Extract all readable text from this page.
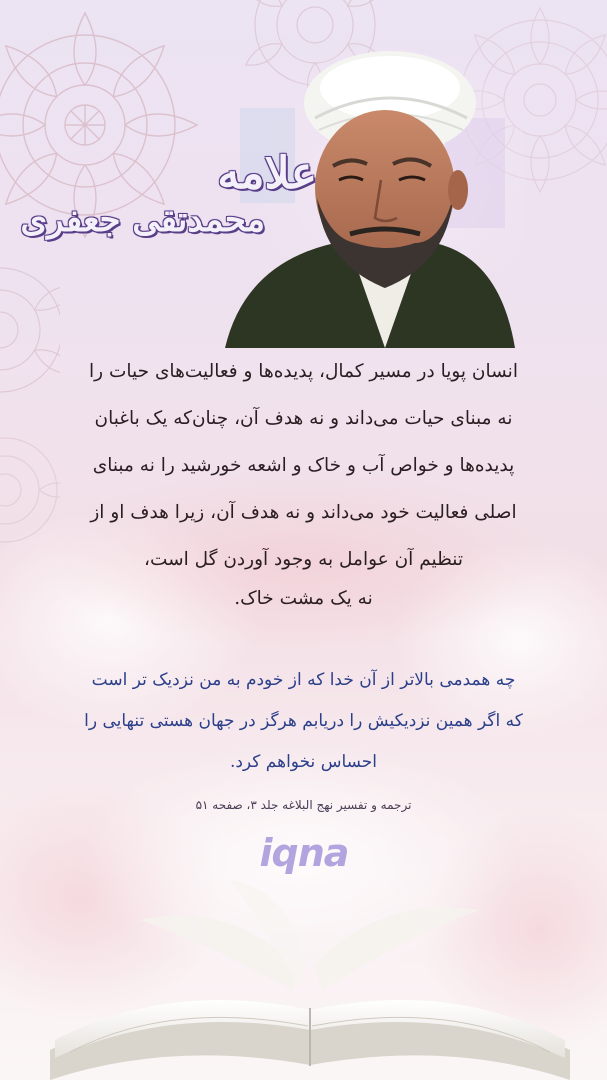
علامه
محمدتقی جعفری
انسان پویا در مسیر کمال، پدیده‌ها و فعالیت‌های حیات را
نه مبنای حیات می‌داند و نه هدف آن، چنان‌که یک باغبان
پدیده‌ها و خواص آب و خاک و اشعه خورشید را نه مبنای
اصلی فعالیت خود می‌داند و نه هدف آن، زیرا هدف او از
تنظیم آن عوامل به وجود آوردن گل است،
نه یک مشت خاک.
چه همدمی بالاتر از آن خدا که از خودم به من نزدیک تر است
که اگر همین نزدیکیش را دریابم هرگز در جهان هستی تنهایی را
احساس نخواهم کرد.
ترجمه و تفسیر نهج البلاغه جلد ۳، صفحه ۵۱
iqna
